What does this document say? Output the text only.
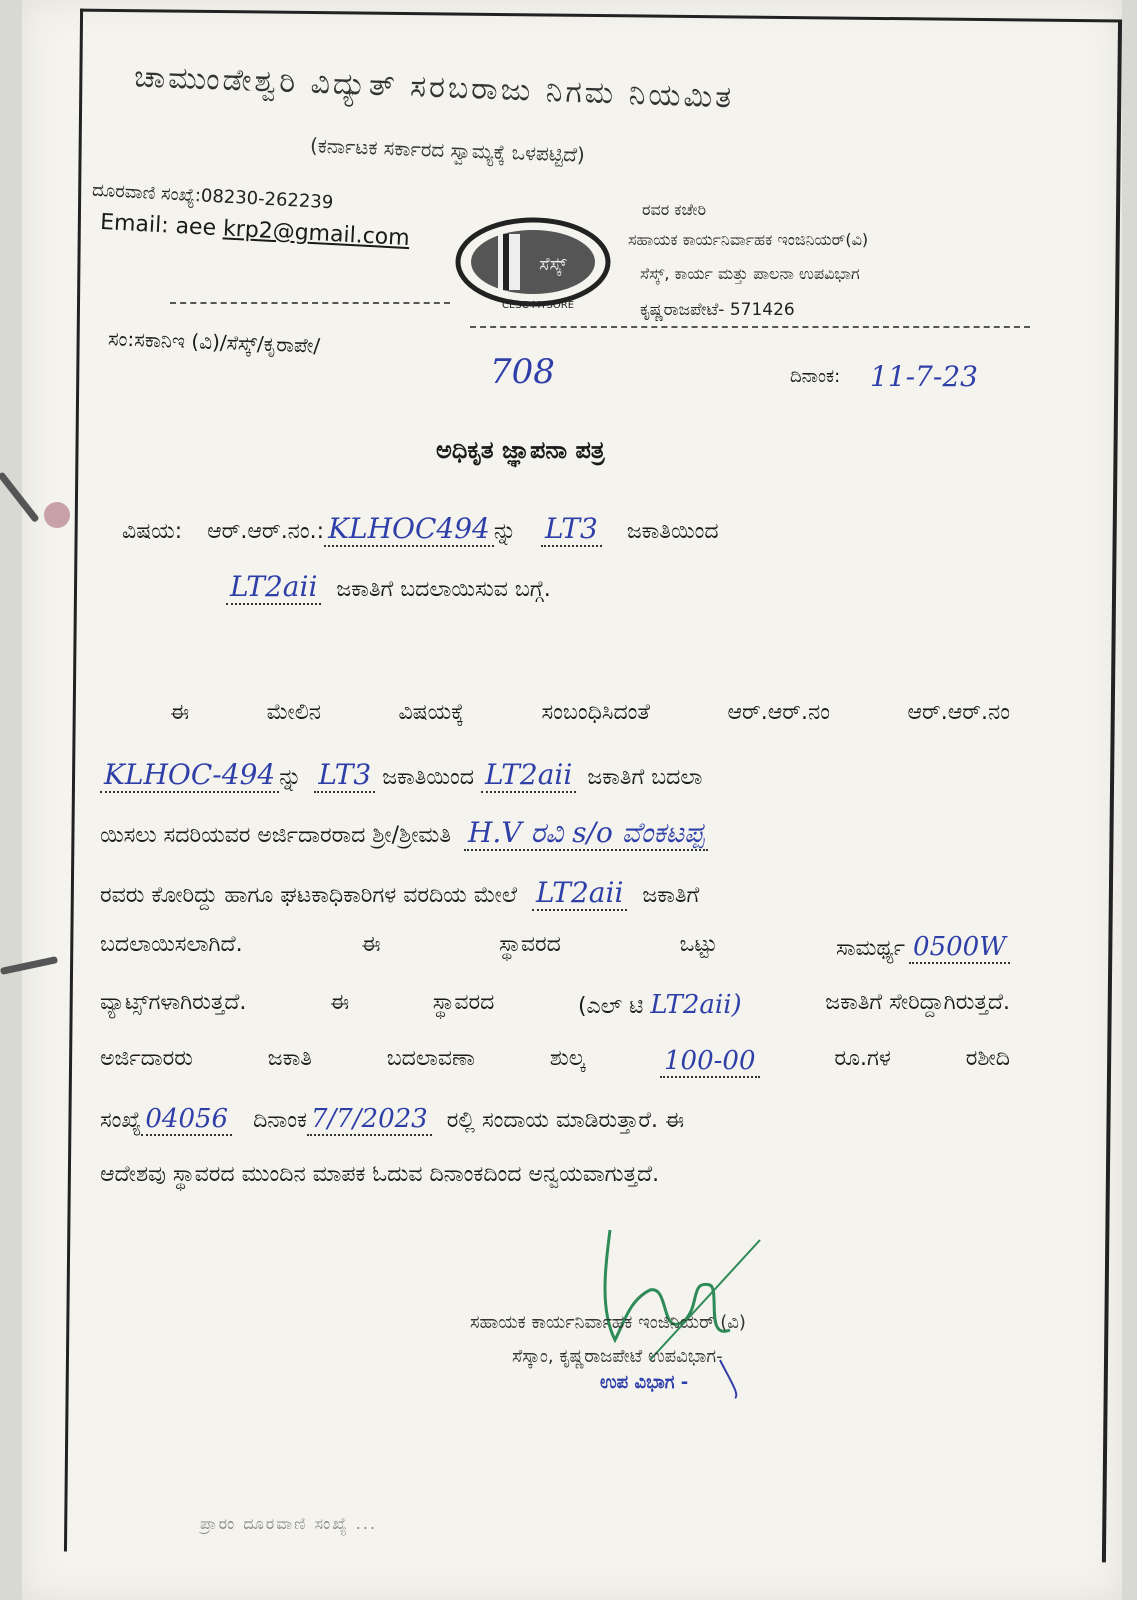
ಚಾಮುಂಡೇಶ್ವರಿ ವಿದ್ಯುತ್ ಸರಬರಾಜು ನಿಗಮ ನಿಯಮಿತ
(ಕರ್ನಾಟಕ ಸರ್ಕಾರದ ಸ್ವಾಮ್ಯಕ್ಕೆ ಒಳಪಟ್ಟಿದೆ)
ದೂರವಾಣಿ ಸಂಖ್ಯೆ:08230-262239
Email: aee krp2@gmail.com
ಸೆಸ್ಕ್
CESC MYSORE
ರವರ ಕಚೇರಿ
ಸಹಾಯಕ ಕಾರ್ಯನಿರ್ವಾಹಕ ಇಂಜಿನಿಯರ್(ವಿ)
ಸೆಸ್ಕ್, ಕಾರ್ಯ ಮತ್ತು ಪಾಲನಾ ಉಪವಿಭಾಗ
ಕೃಷ್ಣರಾಜಪೇಟೆ- 571426
ಸಂ:ಸಕಾನಿಇ (ವಿ)/ಸೆಸ್ಕ್/ಕೃರಾಪೇ/
708	ದಿನಾಂಕ: 11-7-23
ಅಧಿಕೃತ ಜ್ಞಾಪನಾ ಪತ್ರ
ವಿಷಯ: ಆರ್.ಆರ್.ನಂ.: KLHOC494 ನ್ನು LT3 ಜಕಾತಿಯಿಂದ
LT2aii ಜಕಾತಿಗೆ ಬದಲಾಯಿಸುವ ಬಗ್ಗೆ.
ಈ	ಮೇಲಿನ	ವಿಷಯಕ್ಕೆ	ಸಂಬಂಧಿಸಿದಂತೆ	ಆರ್.ಆರ್.ನಂ	ಆರ್.ಆರ್.ನಂ
KLHOC-494 ನ್ನು LT3 ಜಕಾತಿಯಿಂದ LT2aii ಜಕಾತಿಗೆ ಬದಲಾ
ಯಿಸಲು ಸದರಿಯವರ ಅರ್ಜಿದಾರರಾದ ಶ್ರೀ/ಶ್ರೀಮತಿ H.V ರವಿ s/o ವೆಂಕಟಪ್ಪ
ರವರು ಕೋರಿದ್ದು ಹಾಗೂ ಘಟಕಾಧಿಕಾರಿಗಳ ವರದಿಯ ಮೇಲೆ LT2aii ಜಕಾತಿಗೆ
ಬದಲಾಯಿಸಲಾಗಿದೆ.	ಈ	ಸ್ಥಾವರದ	ಒಟ್ಟು	ಸಾಮರ್ಥ್ಯ 0500W
ವ್ಯಾಟ್ಸ್‌ಗಳಾಗಿರುತ್ತದೆ.	ಈ	ಸ್ಥಾವರದ	(ಎಲ್ ಟಿ LT2aii)	ಜಕಾತಿಗೆ ಸೇರಿದ್ದಾಗಿರುತ್ತದೆ.
ಅರ್ಜಿದಾರರು	ಜಕಾತಿ	ಬದಲಾವಣಾ	ಶುಲ್ಕ	100-00	ರೂ.ಗಳ	ರಶೀದಿ
ಸಂಖ್ಯೆ 04056 ದಿನಾಂಕ 7/7/2023 ರಲ್ಲಿ ಸಂದಾಯ ಮಾಡಿರುತ್ತಾರೆ. ಈ
ಆದೇಶವು ಸ್ಥಾವರದ ಮುಂದಿನ ಮಾಪಕ ಓದುವ ದಿನಾಂಕದಿಂದ ಅನ್ವಯವಾಗುತ್ತದೆ.
ಸಹಾಯಕ ಕಾರ್ಯನಿರ್ವಾಹಕ ಇಂಜಿನಿಯರ್ (ವಿ)
ಸೆಸ್ಕಾಂ, ಕೃಷ್ಣರಾಜಪೇಟೆ ಉಪವಿಭಾಗ-
ಉಪ ವಿಭಾಗ -
ಪ್ರಾರಂ ದೂರವಾಣಿ ಸಂಖ್ಯೆ ...
